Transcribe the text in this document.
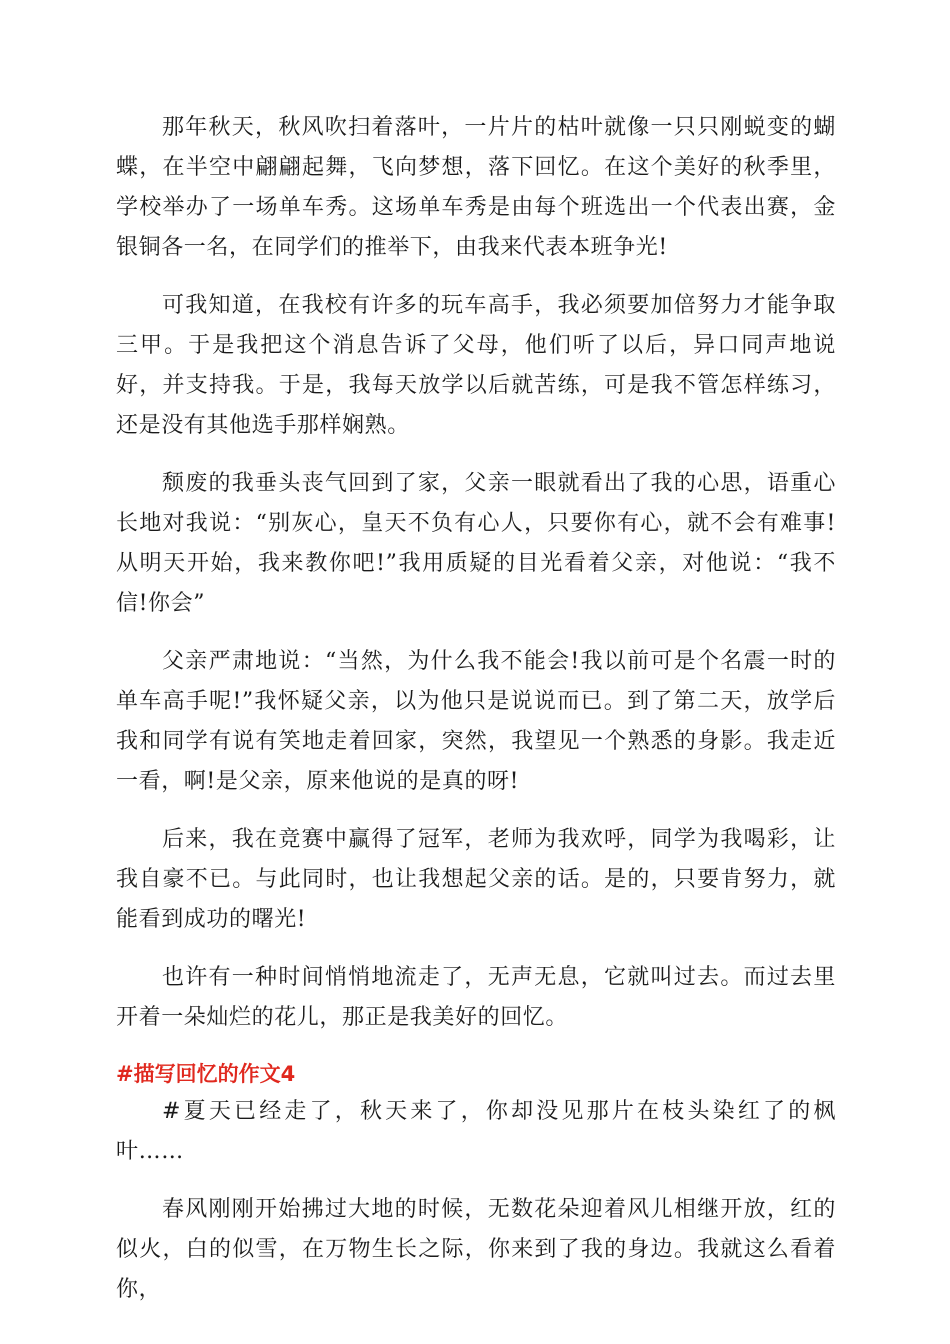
那年秋天，秋风吹扫着落叶，一片片的枯叶就像一只只刚蜕变的蝴蝶，在半空中翩翩起舞，飞向梦想，落下回忆。在这个美好的秋季里，学校举办了一场单车秀。这场单车秀是由每个班选出一个代表出赛，金银铜各一名，在同学们的推举下，由我来代表本班争光!

可我知道，在我校有许多的玩车高手，我必须要加倍努力才能争取三甲。于是我把这个消息告诉了父母，他们听了以后，异口同声地说好，并支持我。于是，我每天放学以后就苦练，可是我不管怎样练习，还是没有其他选手那样娴熟。

颓废的我垂头丧气回到了家，父亲一眼就看出了我的心思，语重心长地对我说：“别灰心，皇天不负有心人，只要你有心，就不会有难事!从明天开始，我来教你吧!”我用质疑的目光看着父亲，对他说：“我不信!你会”

父亲严肃地说：“当然，为什么我不能会!我以前可是个名震一时的单车高手呢!”我怀疑父亲，以为他只是说说而已。到了第二天，放学后我和同学有说有笑地走着回家，突然，我望见一个熟悉的身影。我走近一看，啊!是父亲，原来他说的是真的呀!

后来，我在竞赛中赢得了冠军，老师为我欢呼，同学为我喝彩，让我自豪不已。与此同时，也让我想起父亲的话。是的，只要肯努力，就能看到成功的曙光!

也许有一种时间悄悄地流走了，无声无息，它就叫过去。而过去里开着一朵灿烂的花儿，那正是我美好的回忆。

#描写回忆的作文4

#夏天已经走了，秋天来了，你却没见那片在枝头染红了的枫叶……

春风刚刚开始拂过大地的时候，无数花朵迎着风儿相继开放，红的似火，白的似雪，在万物生长之际，你来到了我的身边。我就这么看着你，
